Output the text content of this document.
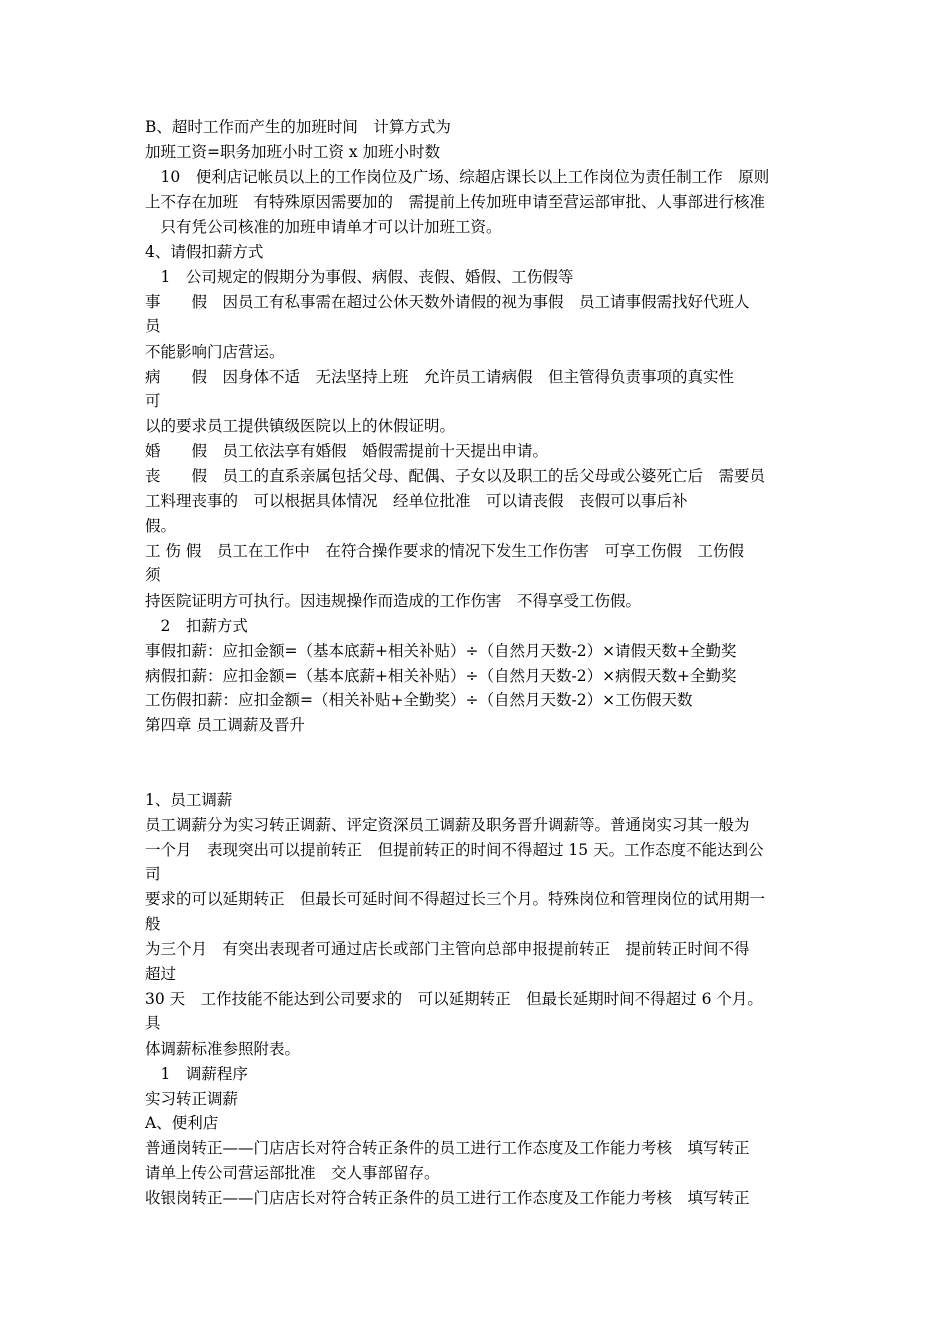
B、超时工作而产生的加班时间　计算方式为
加班工资=职务加班小时工资 x 加班小时数
　10　便利店记帐员以上的工作岗位及广场、综超店课长以上工作岗位为责任制工作　原则
上不存在加班　有特殊原因需要加的　需提前上传加班申请至营运部审批、人事部进行核准
　只有凭公司核准的加班申请单才可以计加班工资。
4、请假扣薪方式
　1　公司规定的假期分为事假、病假、丧假、婚假、工伤假等
事　　假　因员工有私事需在超过公休天数外请假的视为事假　员工请事假需找好代班人
员
不能影响门店营运。
病　　假　因身体不适　无法坚持上班　允许员工请病假　但主管得负责事项的真实性
可
以的要求员工提供镇级医院以上的休假证明。
婚　　假　员工依法享有婚假　婚假需提前十天提出申请。
丧　　假　员工的直系亲属包括父母、配偶、子女以及职工的岳父母或公婆死亡后　需要员
工料理丧事的　可以根据具体情况　经单位批准　可以请丧假　丧假可以事后补
假。
工 伤 假　员工在工作中　在符合操作要求的情况下发生工作伤害　可享工伤假　工伤假
须
持医院证明方可执行。因违规操作而造成的工作伤害　不得享受工伤假。
　2　扣薪方式
事假扣薪：应扣金额=（基本底薪+相关补贴）÷（自然月天数-2）×请假天数+全勤奖
病假扣薪：应扣金额=（基本底薪+相关补贴）÷（自然月天数-2）×病假天数+全勤奖
工伤假扣薪：应扣金额=（相关补贴+全勤奖）÷（自然月天数-2）×工伤假天数
第四章 员工调薪及晋升
1、员工调薪
员工调薪分为实习转正调薪、评定资深员工调薪及职务晋升调薪等。普通岗实习其一般为
一个月　表现突出可以提前转正　但提前转正的时间不得超过 15 天。工作态度不能达到公
司
要求的可以延期转正　但最长可延时间不得超过长三个月。特殊岗位和管理岗位的试用期一
般
为三个月　有突出表现者可通过店长或部门主管向总部申报提前转正　提前转正时间不得
超过
30 天　工作技能不能达到公司要求的　可以延期转正　但最长延期时间不得超过 6 个月。
具
体调薪标准参照附表。
　1　调薪程序
实习转正调薪
A、便利店
普通岗转正——门店店长对符合转正条件的员工进行工作态度及工作能力考核　填写转正
请单上传公司营运部批准　交人事部留存。
收银岗转正——门店店长对符合转正条件的员工进行工作态度及工作能力考核　填写转正
